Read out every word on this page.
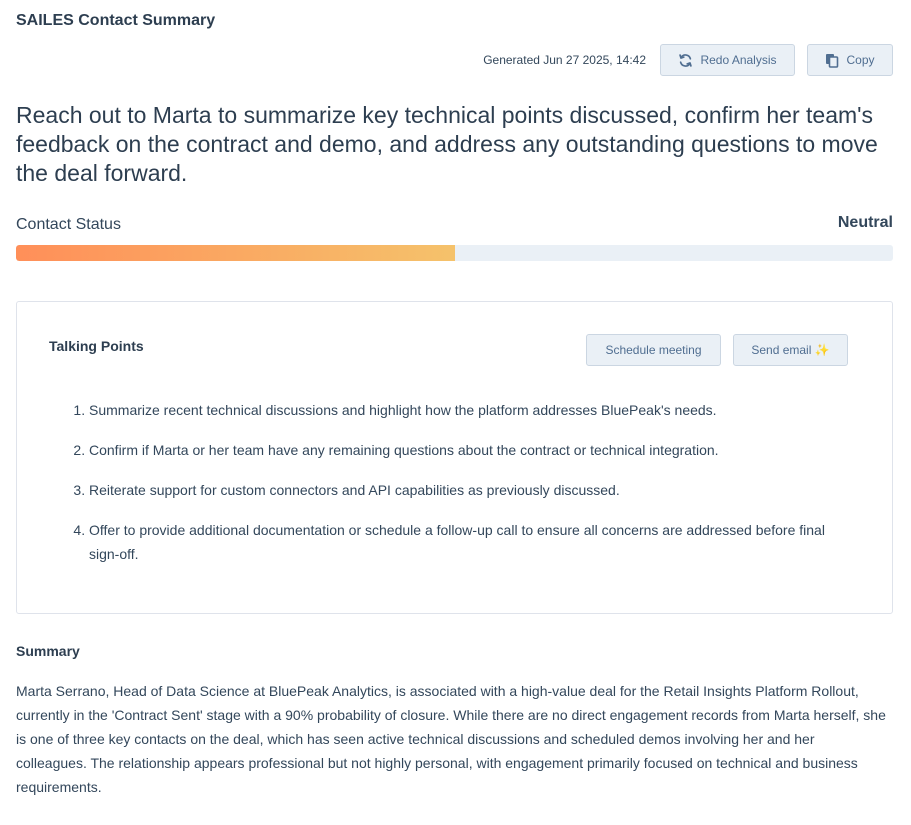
SAILES Contact Summary
Generated Jun 27 2025, 14:42	Redo Analysis	Copy
Reach out to Marta to summarize key technical points discussed, confirm her team's feedback on the contract and demo, and address any outstanding questions to move the deal forward.
Contact Status	Neutral
Talking Points	Schedule meeting	Send email ✨
1. Summarize recent technical discussions and highlight how the platform addresses BluePeak's needs.
2. Confirm if Marta or her team have any remaining questions about the contract or technical integration.
3. Reiterate support for custom connectors and API capabilities as previously discussed.
4. Offer to provide additional documentation or schedule a follow-up call to ensure all concerns are addressed before final sign-off.
Summary

Marta Serrano, Head of Data Science at BluePeak Analytics, is associated with a high-value deal for the Retail Insights Platform Rollout, currently in the 'Contract Sent' stage with a 90% probability of closure. While there are no direct engagement records from Marta herself, she is one of three key contacts on the deal, which has seen active technical discussions and scheduled demos involving her and her colleagues. The relationship appears professional but not highly personal, with engagement primarily focused on technical and business requirements.
